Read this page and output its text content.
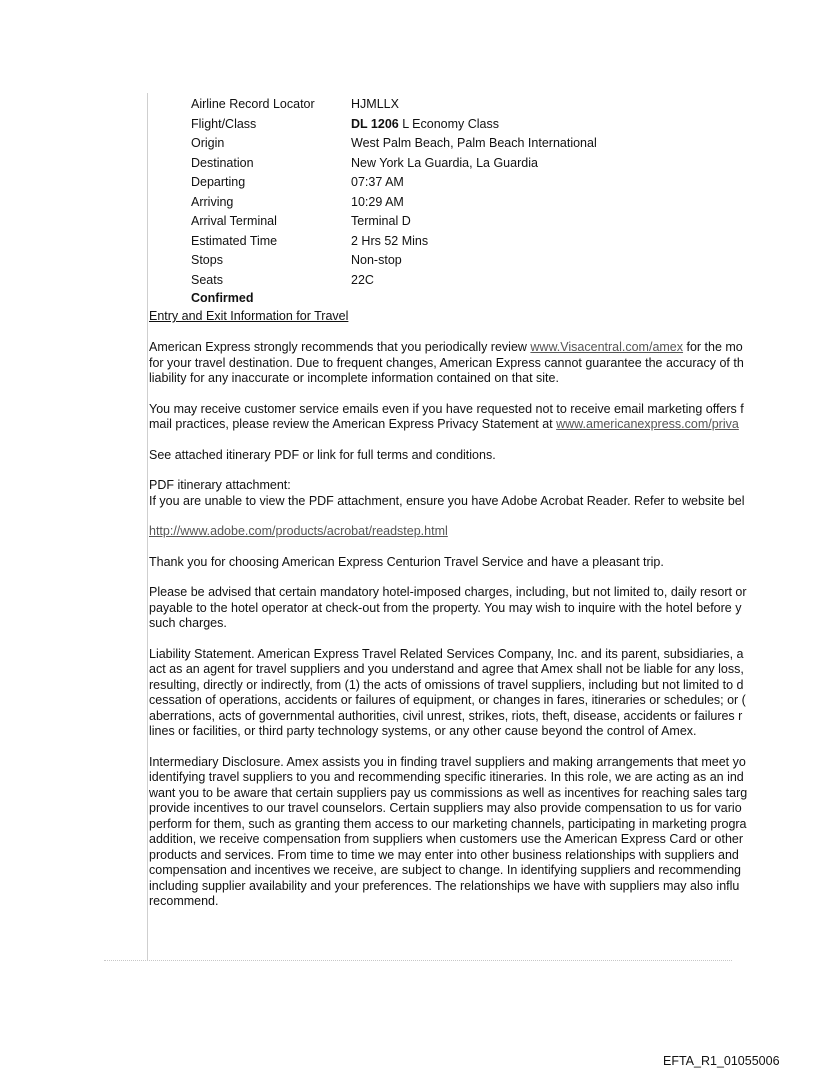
Airline Record Locator	HJMLLX
Flight/Class	DL 1206 L Economy Class
Origin	West Palm Beach, Palm Beach International
Destination	New York La Guardia, La Guardia
Departing	07:37 AM
Arriving	10:29 AM
Arrival Terminal	Terminal D
Estimated Time	2 Hrs 52 Mins
Stops	Non-stop
Seats	22C
Confirmed
Entry and Exit Information for Travel

American Express strongly recommends that you periodically review www.Visacentral.com/amex for the mo
for your travel destination. Due to frequent changes, American Express cannot guarantee the accuracy of th
liability for any inaccurate or incomplete information contained on that site.

You may receive customer service emails even if you have requested not to receive email marketing offers f
mail practices, please review the American Express Privacy Statement at www.americanexpress.com/priva

See attached itinerary PDF or link for full terms and conditions.

PDF itinerary attachment:
If you are unable to view the PDF attachment, ensure you have Adobe Acrobat Reader. Refer to website bel

http://www.adobe.com/products/acrobat/readstep.html

Thank you for choosing American Express Centurion Travel Service and have a pleasant trip.

Please be advised that certain mandatory hotel-imposed charges, including, but not limited to, daily resort or
payable to the hotel operator at check-out from the property. You may wish to inquire with the hotel before y
such charges.

Liability Statement. American Express Travel Related Services Company, Inc. and its parent, subsidiaries, a
act as an agent for travel suppliers and you understand and agree that Amex shall not be liable for any loss,
resulting, directly or indirectly, from (1) the acts of omissions of travel suppliers, including but not limited to d
cessation of operations, accidents or failures of equipment, or changes in fares, itineraries or schedules; or (
aberrations, acts of governmental authorities, civil unrest, strikes, riots, theft, disease, accidents or failures r
lines or facilities, or third party technology systems, or any other cause beyond the control of Amex.

Intermediary Disclosure. Amex assists you in finding travel suppliers and making arrangements that meet yo
identifying travel suppliers to you and recommending specific itineraries. In this role, we are acting as an ind
want you to be aware that certain suppliers pay us commissions as well as incentives for reaching sales targ
provide incentives to our travel counselors. Certain suppliers may also provide compensation to us for vario
perform for them, such as granting them access to our marketing channels, participating in marketing progra
addition, we receive compensation from suppliers when customers use the American Express Card or other
products and services. From time to time we may enter into other business relationships with suppliers and
compensation and incentives we receive, are subject to change. In identifying suppliers and recommending
including supplier availability and your preferences. The relationships we have with suppliers may also influ
recommend.

EFTA_R1_01055006
